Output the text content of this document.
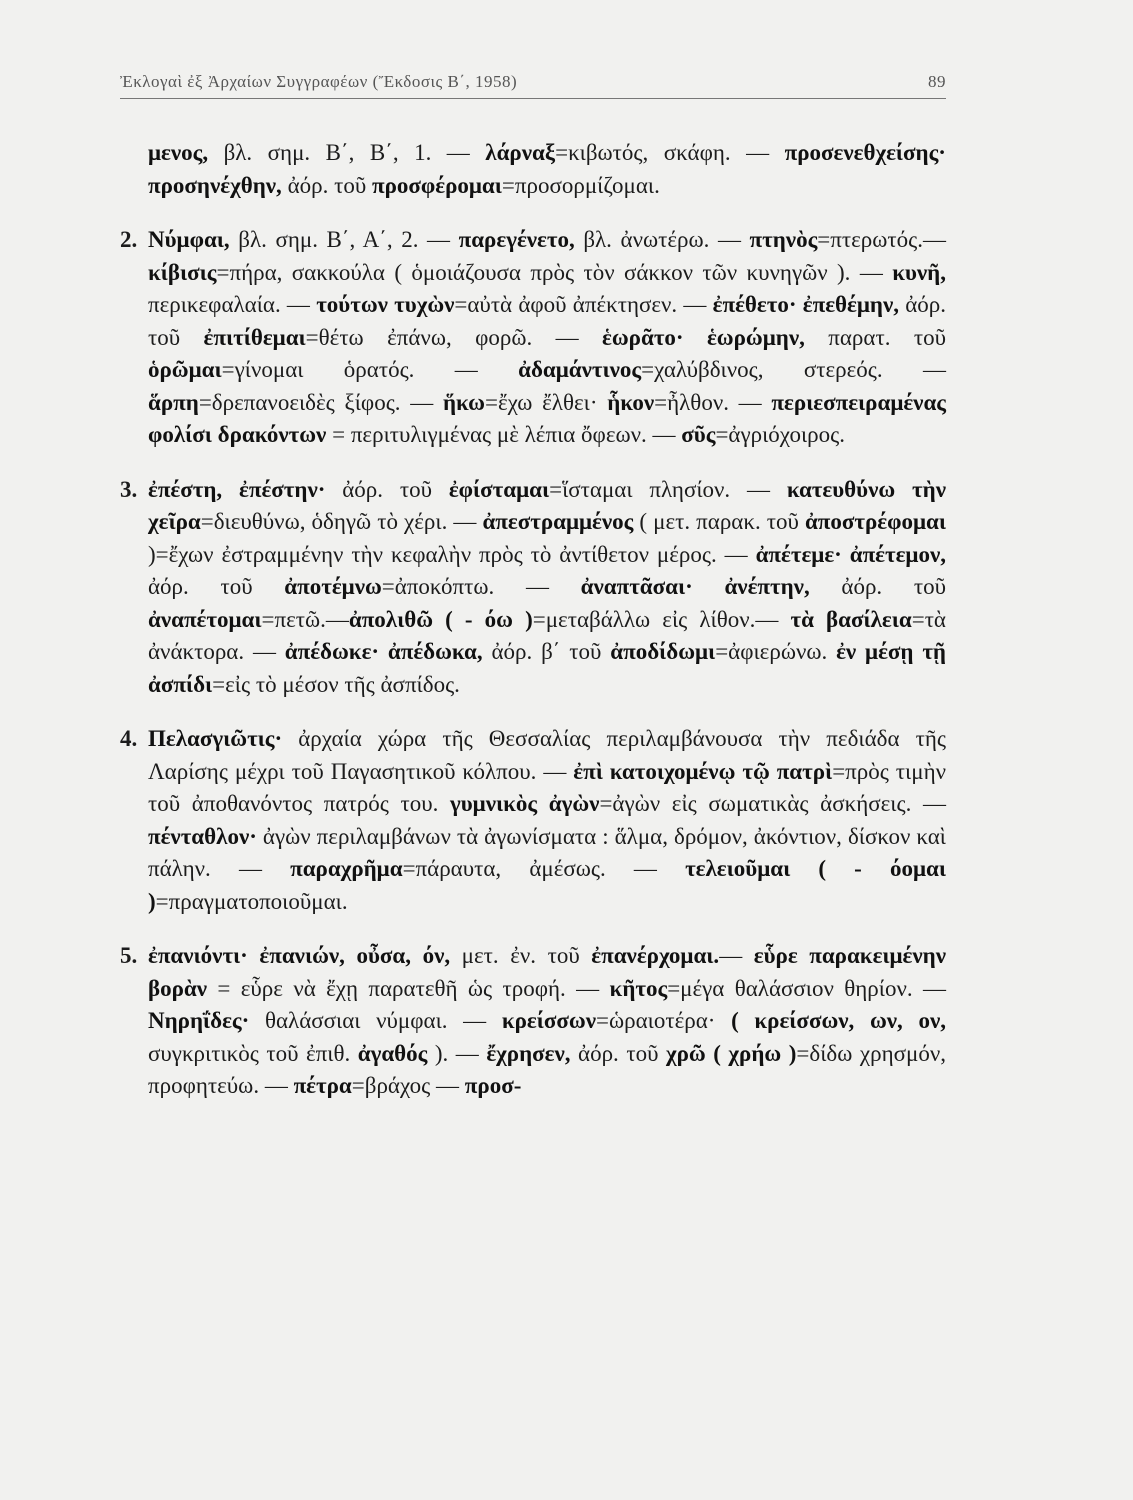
Ἐκλογαὶ ἐξ Ἀρχαίων Συγγραφέων (Ἔκδοσις Β΄, 1958)	89

μενος, βλ. σημ. Β΄, Β΄, 1. — λάρναξ=κιβωτός, σκάφη. — προσενεθχείσης· προσηνέχθην, ἀόρ. τοῦ προσφέρομαι=προσορμίζομαι.

2. Νύμφαι, βλ. σημ. Β΄, Α΄, 2. — παρεγένετο, βλ. ἀνωτέρω. — πτηνὸς=πτερωτός.—κίβισις=πήρα, σακκούλα ( ὁμοιάζουσα πρὸς τὸν σάκκον τῶν κυνηγῶν ). — κυνῆ, περικεφαλαία. — τούτων τυχὼν=αὐτὰ ἀφοῦ ἀπέκτησεν. — ἐπέθετο· ἐπεθέμην, ἀόρ. τοῦ ἐπιτίθεμαι=θέτω ἐπάνω, φορῶ. — ἑωρᾶτο· ἑωρώμην, παρατ. τοῦ ὁρῶμαι=γίνομαι ὁρατός. — ἀδαμάντινος=χαλύβδινος, στερεός. — ἅρπη=δρεπανοειδὲς ξίφος. — ἥκω=ἔχω ἔλθει· ἧκον=ἦλθον. — περιεσπειραμένας φολίσι δρακόντων = περιτυλιγμένας μὲ λέπια ὄφεων. — σῦς=ἀγριόχοιρος.

3. ἐπέστη, ἐπέστην· ἀόρ. τοῦ ἐφίσταμαι=ἵσταμαι πλησίον. — κατευθύνω τὴν χεῖρα=διευθύνω, ὁδηγῶ τὸ χέρι. — ἀπεστραμμένος ( μετ. παρακ. τοῦ ἀποστρέφομαι )=ἔχων ἐστραμμένην τὴν κεφαλὴν πρὸς τὸ ἀντίθετον μέρος. — ἀπέτεμε· ἀπέτεμον, ἀόρ. τοῦ ἀποτέμνω=ἀποκόπτω. — ἀναπτᾶσαι· ἀνέπτην, ἀόρ. τοῦ ἀναπέτομαι=πετῶ.—ἀπολιθῶ ( - όω )=μεταβάλλω εἰς λίθον.— τὰ βασίλεια=τὰ ἀνάκτορα. — ἀπέδωκε· ἀπέδωκα, ἀόρ. β΄ τοῦ ἀποδίδωμι=ἀφιερώνω. ἐν μέσῃ τῇ ἀσπίδι=εἰς τὸ μέσον τῆς ἀσπίδος.

4. Πελασγιῶτις· ἀρχαία χώρα τῆς Θεσσαλίας περιλαμβάνουσα τὴν πεδιάδα τῆς Λαρίσης μέχρι τοῦ Παγασητικοῦ κόλπου. — ἐπὶ κατοιχομένῳ τῷ πατρὶ=πρὸς τιμὴν τοῦ ἀποθανόντος πατρός του. γυμνικὸς ἀγὼν=ἀγὼν εἰς σωματικὰς ἀσκήσεις. — πένταθλον· ἀγὼν περιλαμβάνων τὰ ἀγωνίσματα : ἅλμα, δρόμον, ἀκόντιον, δίσκον καὶ πάλην. — παραχρῆμα=πάραυτα, ἀμέσως. — τελειοῦμαι ( - όομαι )=πραγματοποιοῦμαι.

5. ἐπανιόντι· ἐπανιών, οὖσα, όν, μετ. ἐν. τοῦ ἐπανέρχομαι.— εὗρε παρακειμένην βορὰν = εὗρε νὰ ἔχῃ παρατεθῆ ὡς τροφή. — κῆτος=μέγα θαλάσσιον θηρίον. — Νηρηΐδες· θαλάσσιαι νύμφαι. — κρείσσων=ὡραιοτέρα· ( κρείσσων, ων, ον, συγκριτικὸς τοῦ ἐπιθ. ἀγαθός ). — ἔχρησεν, ἀόρ. τοῦ χρῶ ( χρήω )=δίδω χρησμόν, προφητεύω. — πέτρα=βράχος — προσ-
